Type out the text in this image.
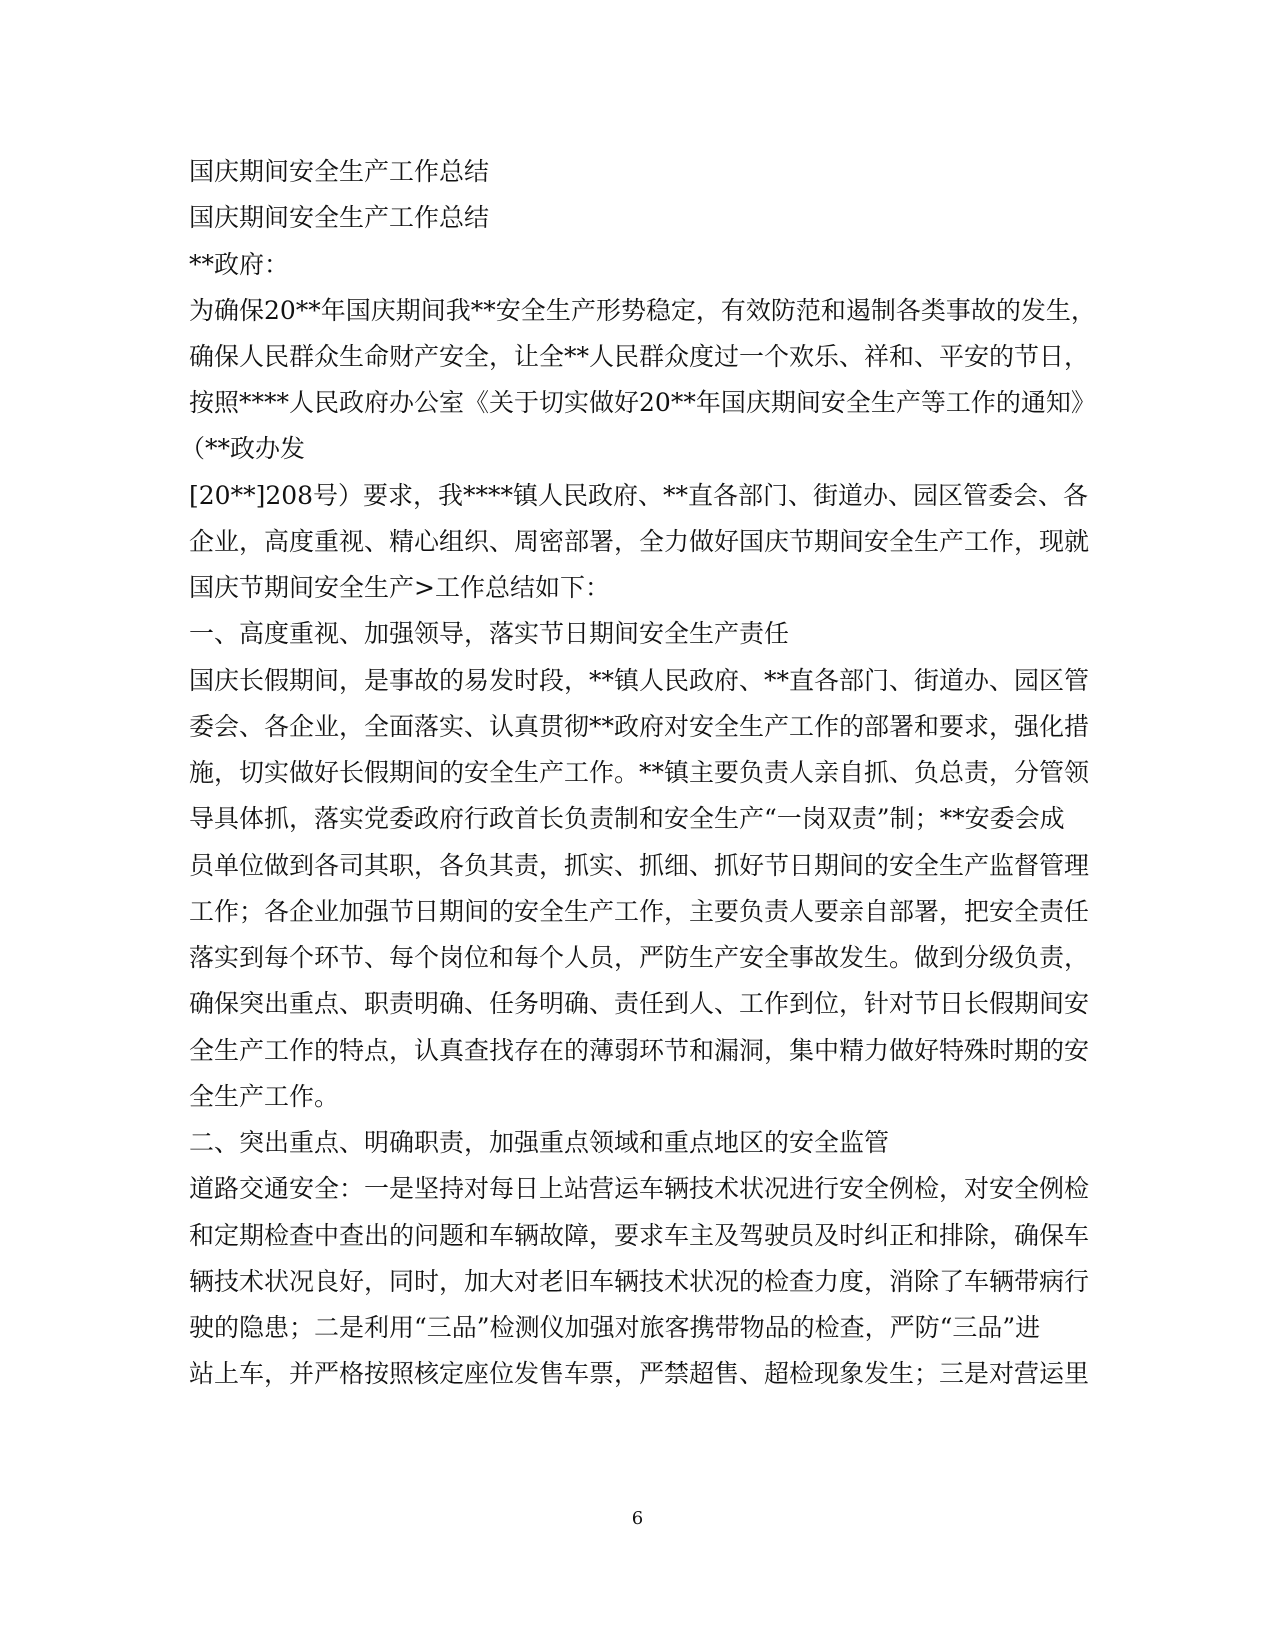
国庆期间安全生产工作总结
国庆期间安全生产工作总结
**政府：
为确保20**年国庆期间我**安全生产形势稳定，有效防范和遏制各类事故的发生，
确保人民群众生命财产安全，让全**人民群众度过一个欢乐、祥和、平安的节日，
按照****人民政府办公室《关于切实做好20**年国庆期间安全生产等工作的通知》
（**政办发
[20**]208号）要求，我****镇人民政府、**直各部门、街道办、园区管委会、各
企业，高度重视、精心组织、周密部署，全力做好国庆节期间安全生产工作，现就
国庆节期间安全生产>工作总结如下：
一、高度重视、加强领导，落实节日期间安全生产责任
国庆长假期间，是事故的易发时段，**镇人民政府、**直各部门、街道办、园区管
委会、各企业，全面落实、认真贯彻**政府对安全生产工作的部署和要求，强化措
施，切实做好长假期间的安全生产工作。**镇主要负责人亲自抓、负总责，分管领
导具体抓，落实党委政府行政首长负责制和安全生产“一岗双责”制；**安委会成
员单位做到各司其职，各负其责，抓实、抓细、抓好节日期间的安全生产监督管理
工作；各企业加强节日期间的安全生产工作，主要负责人要亲自部署，把安全责任
落实到每个环节、每个岗位和每个人员，严防生产安全事故发生。做到分级负责，
确保突出重点、职责明确、任务明确、责任到人、工作到位，针对节日长假期间安
全生产工作的特点，认真查找存在的薄弱环节和漏洞，集中精力做好特殊时期的安
全生产工作。
二、突出重点、明确职责，加强重点领域和重点地区的安全监管
道路交通安全：一是坚持对每日上站营运车辆技术状况进行安全例检，对安全例检
和定期检查中查出的问题和车辆故障，要求车主及驾驶员及时纠正和排除，确保车
辆技术状况良好，同时，加大对老旧车辆技术状况的检查力度，消除了车辆带病行
驶的隐患；二是利用“三品”检测仪加强对旅客携带物品的检查，严防“三品”进
站上车，并严格按照核定座位发售车票，严禁超售、超检现象发生；三是对营运里
6
